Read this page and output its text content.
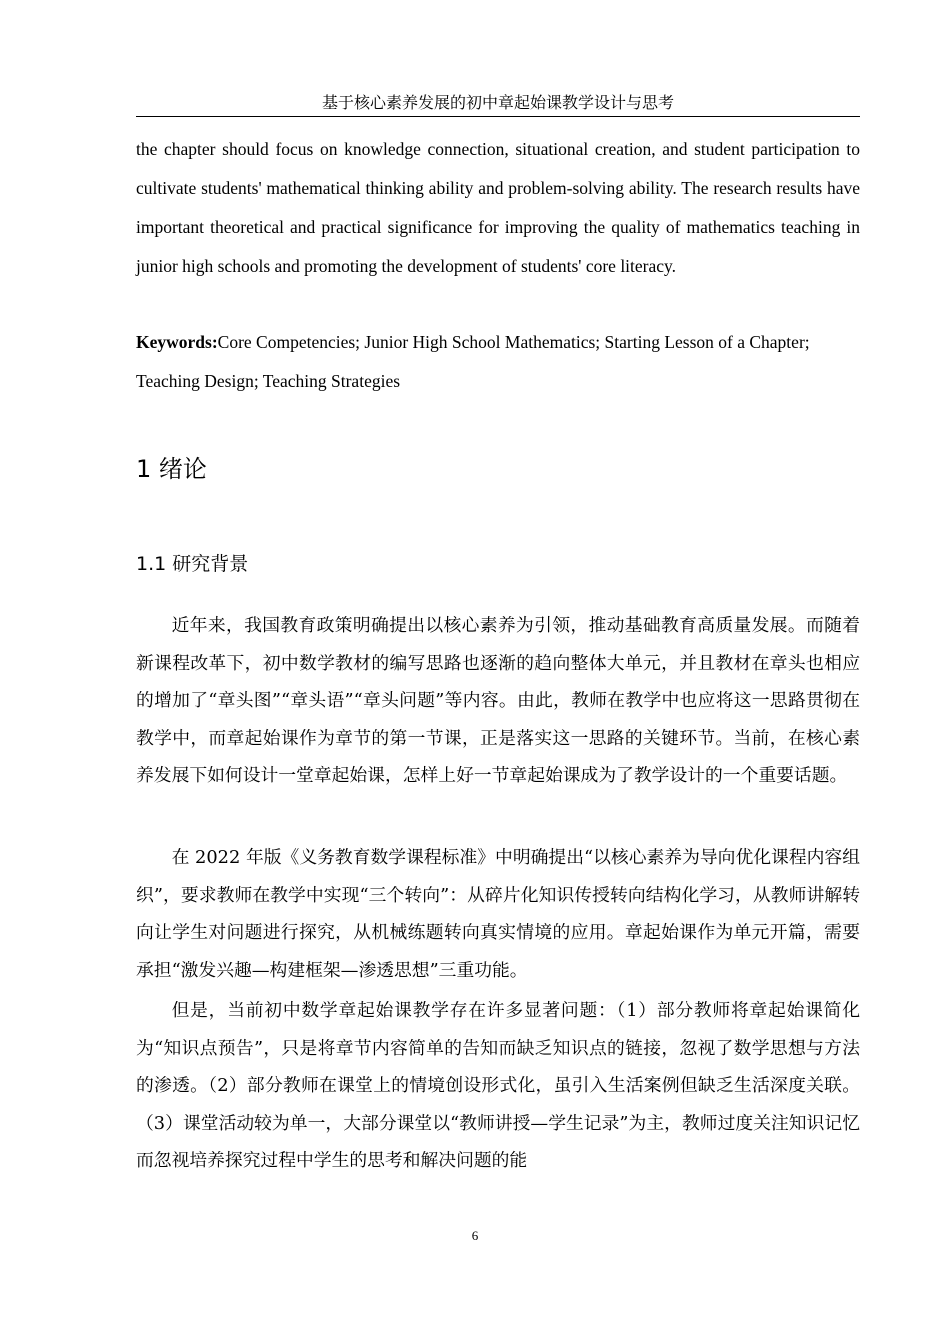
基于核心素养发展的初中章起始课教学设计与思考

the chapter should focus on knowledge connection, situational creation, and student participation to cultivate students' mathematical thinking ability and problem-solving ability. The research results have important theoretical and practical significance for improving the quality of mathematics teaching in junior high schools and promoting the development of students' core literacy.

Keywords:Core Competencies; Junior High School Mathematics; Starting Lesson of a Chapter; Teaching Design; Teaching Strategies

1 绪论
1.1 研究背景

近年来，我国教育政策明确提出以核心素养为引领，推动基础教育高质量发展。而随着新课程改革下，初中数学教材的编写思路也逐渐的趋向整体大单元，并且教材在章头也相应的增加了“章头图”“章头语”“章头问题”等内容。由此，教师在教学中也应将这一思路贯彻在教学中，而章起始课作为章节的第一节课，正是落实这一思路的关键环节。当前，在核心素养发展下如何设计一堂章起始课，怎样上好一节章起始课成为了教学设计的一个重要话题。

在 2022 年版《义务教育数学课程标准》中明确提出“以核心素养为导向优化课程内容组织”，要求教师在教学中实现“三个转向”：从碎片化知识传授转向结构化学习，从教师讲解转向让学生对问题进行探究，从机械练题转向真实情境的应用。章起始课作为单元开篇，需要承担“激发兴趣—构建框架—渗透思想”三重功能。

但是，当前初中数学章起始课教学存在许多显著问题：（1）部分教师将章起始课简化为“知识点预告”，只是将章节内容简单的告知而缺乏知识点的链接，忽视了数学思想与方法的渗透。（2）部分教师在课堂上的情境创设形式化，虽引入生活案例但缺乏生活深度关联。（3）课堂活动较为单一，大部分课堂以“教师讲授—学生记录”为主，教师过度关注知识记忆而忽视培养探究过程中学生的思考和解决问题的能

6
